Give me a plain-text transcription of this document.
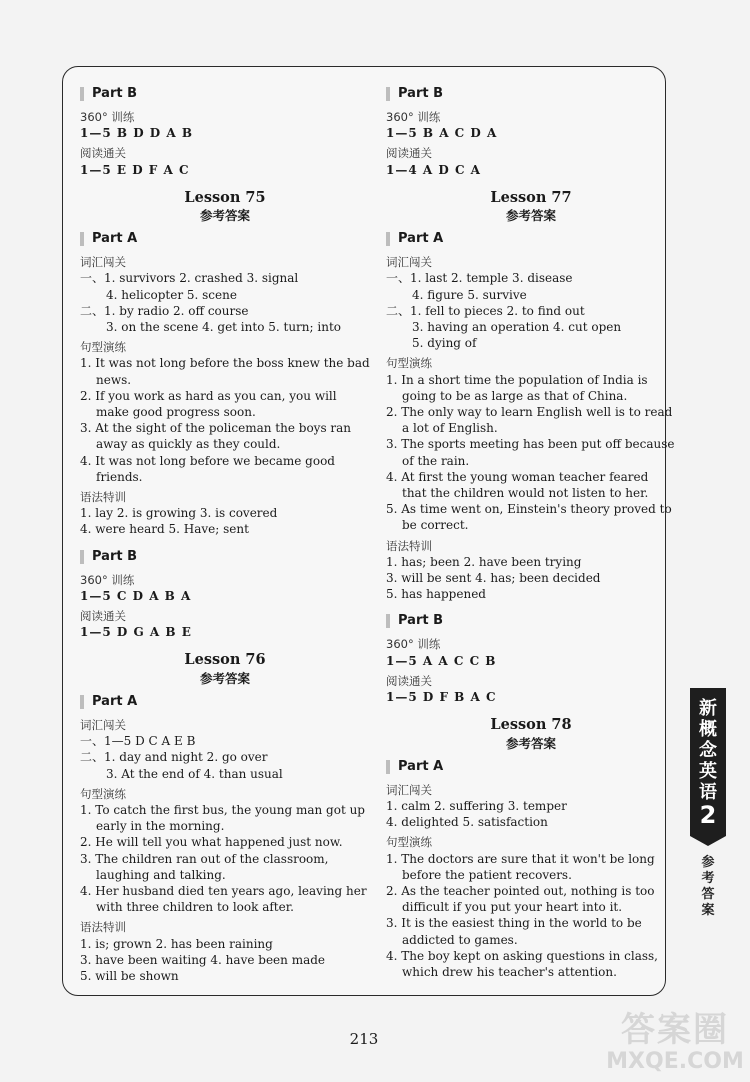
Part B
360° 训练
1—5 B D D A B
阅读通关
1—5 E D F A C
Lesson 75
参考答案
Part A
词汇闯关
一、1. survivors 2. crashed 3. signal
4. helicopter 5. scene
二、1. by radio 2. off course
3. on the scene 4. get into 5. turn; into
句型演练
1. It was not long before the boss knew the bad news.
2. If you work as hard as you can, you will make good progress soon.
3. At the sight of the policeman the boys ran away as quickly as they could.
4. It was not long before we became good friends.
语法特训
1. lay 2. is growing 3. is covered
4. were heard 5. Have; sent
Part B
360° 训练
1—5 C D A B A
阅读通关
1—5 D G A B E
Lesson 76
参考答案
Part A
词汇闯关
一、1—5 D C A E B
二、1. day and night 2. go over
3. At the end of 4. than usual
句型演练
1. To catch the first bus, the young man got up early in the morning.
2. He will tell you what happened just now.
3. The children ran out of the classroom, laughing and talking.
4. Her husband died ten years ago, leaving her with three children to look after.
语法特训
1. is; grown 2. has been raining
3. have been waiting 4. have been made
5. will be shown
Part B
360° 训练
1—5 B A C D A
阅读通关
1—4 A D C A
Lesson 77
参考答案
Part A
词汇闯关
一、1. last 2. temple 3. disease
4. figure 5. survive
二、1. fell to pieces 2. to find out
3. having an operation 4. cut open
5. dying of
句型演练
1. In a short time the population of India is going to be as large as that of China.
2. The only way to learn English well is to read a lot of English.
3. The sports meeting has been put off because of the rain.
4. At first the young woman teacher feared that the children would not listen to her.
5. As time went on, Einstein's theory proved to be correct.
语法特训
1. has; been 2. have been trying
3. will be sent 4. has; been decided
5. has happened
Part B
360° 训练
1—5 A A C C B
阅读通关
1—5 D F B A C
Lesson 78
参考答案
Part A
词汇闯关
1. calm 2. suffering 3. temper
4. delighted 5. satisfaction
句型演练
1. The doctors are sure that it won't be long before the patient recovers.
2. As the teacher pointed out, nothing is too difficult if you put your heart into it.
3. It is the easiest thing in the world to be addicted to games.
4. The boy kept on asking questions in class, which drew his teacher's attention.
新
概
念
英
语
2
参考答案
213	答案圈
MXQE.COM
